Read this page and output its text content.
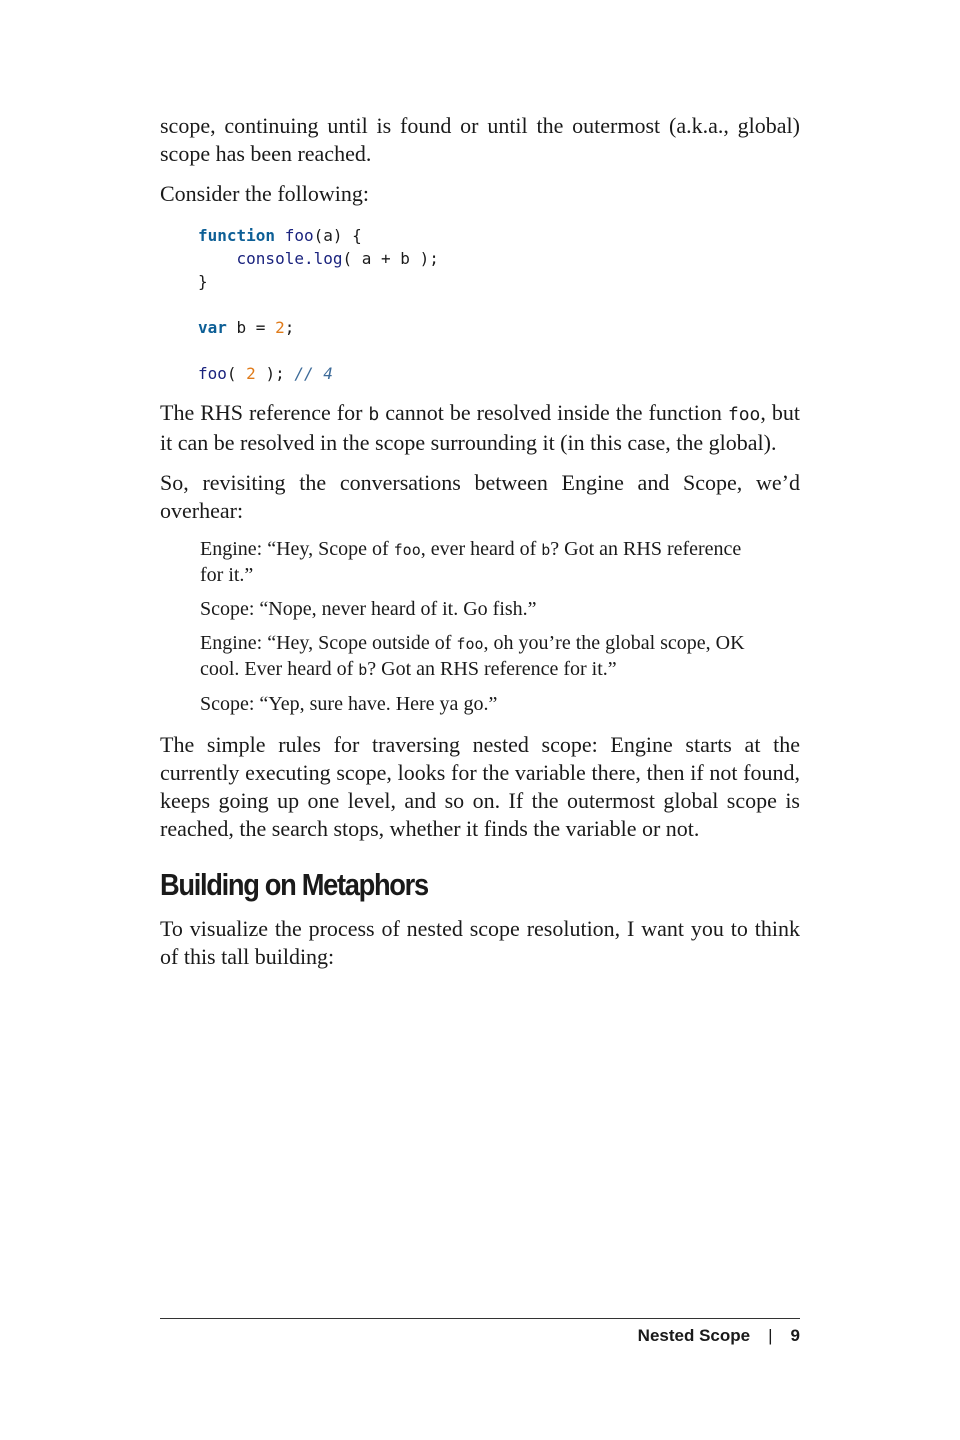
scope, continuing until is found or until the outermost (a.k.a., global) scope has been reached.

Consider the following:

function foo(a) {
console.log( a + b );
}

var b = 2;

foo( 2 ); // 4

The RHS reference for b cannot be resolved inside the function foo, but it can be resolved in the scope surrounding it (in this case, the global).

So, revisiting the conversations between Engine and Scope, we’d overhear:

Engine: “Hey, Scope of foo, ever heard of b? Got an RHS reference for it.”

Scope: “Nope, never heard of it. Go fish.”

Engine: “Hey, Scope outside of foo, oh you’re the global scope, OK cool. Ever heard of b? Got an RHS reference for it.”

Scope: “Yep, sure have. Here ya go.”

The simple rules for traversing nested scope: Engine starts at the currently executing scope, looks for the variable there, then if not found, keeps going up one level, and so on. If the outermost global scope is reached, the search stops, whether it finds the variable or not.

Building on Metaphors

To visualize the process of nested scope resolution, I want you to think of this tall building:

Nested Scope | 9
